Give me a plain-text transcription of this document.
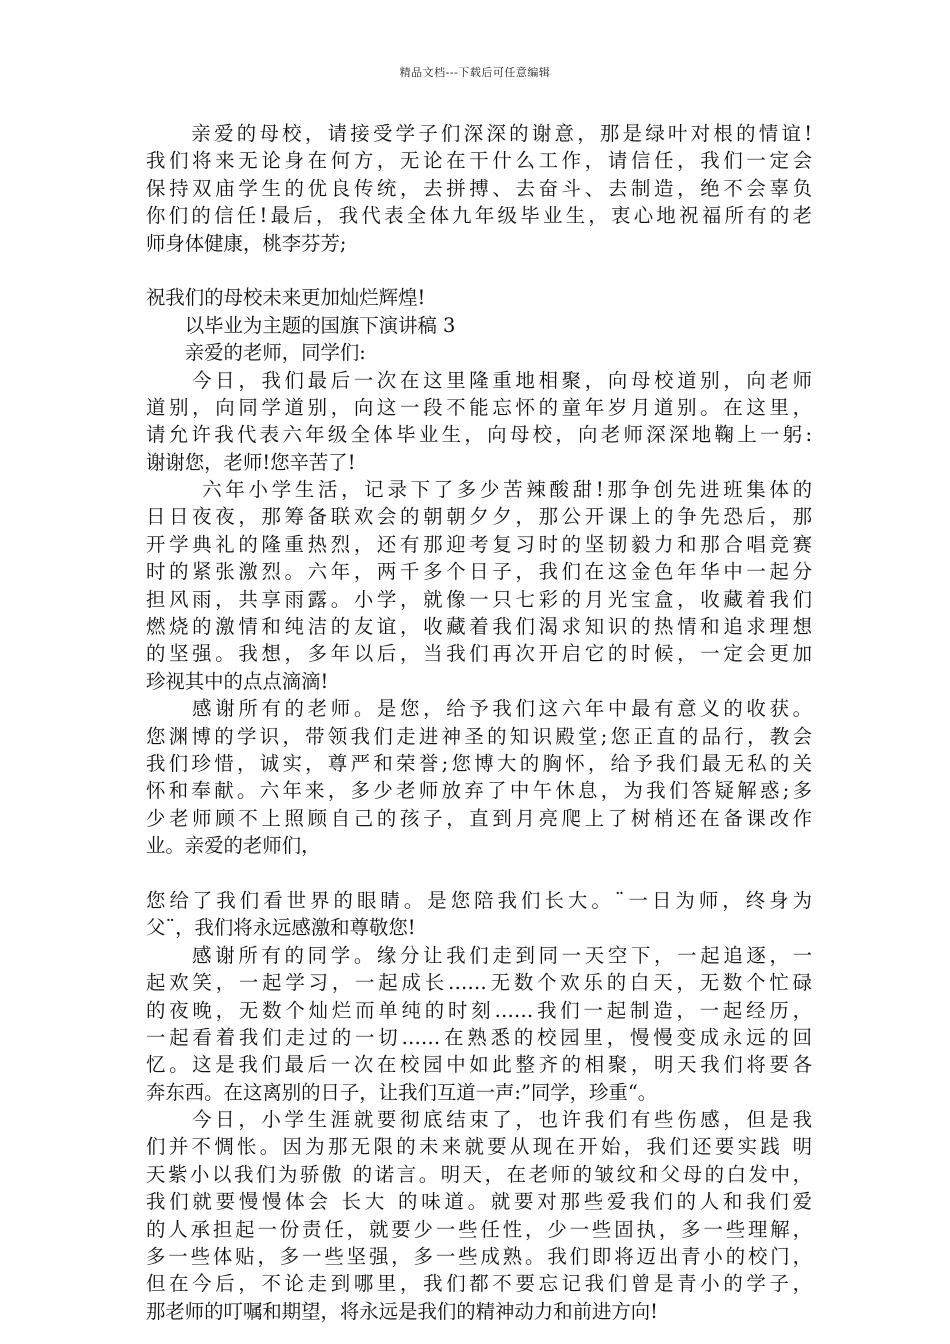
精品文档---下载后可任意编辑
　　亲爱的母校，请接受学子们深深的谢意，那是绿叶对根的情谊!
我们将来无论身在何方，无论在干什么工作，请信任，我们一定会
保持双庙学生的优良传统，去拼搏、去奋斗、去制造，绝不会辜负
你们的信任!最后，我代表全体九年级毕业生，衷心地祝福所有的老
师身体健康，桃李芬芳;
祝我们的母校未来更加灿烂辉煌!
　　以毕业为主题的国旗下演讲稿 3
　　亲爱的老师，同学们:
　　今日，我们最后一次在这里隆重地相聚，向母校道别，向老师
道别，向同学道别，向这一段不能忘怀的童年岁月道别。在这里，
请允许我代表六年级全体毕业生，向母校，向老师深深地鞠上一躬:
谢谢您，老师!您辛苦了!
　　 六年小学生活，记录下了多少苦辣酸甜!那争创先进班集体的
日日夜夜，那筹备联欢会的朝朝夕夕，那公开课上的争先恐后，那
开学典礼的隆重热烈，还有那迎考复习时的坚韧毅力和那合唱竞赛
时的紧张激烈。六年，两千多个日子，我们在这金色年华中一起分
担风雨，共享雨露。小学，就像一只七彩的月光宝盒，收藏着我们
燃烧的激情和纯洁的友谊，收藏着我们渴求知识的热情和追求理想
的坚强。我想，多年以后，当我们再次开启它的时候，一定会更加
珍视其中的点点滴滴!
　　感谢所有的老师。是您，给予我们这六年中最有意义的收获。
您渊博的学识，带领我们走进神圣的知识殿堂;您正直的品行，教会
我们珍惜，诚实，尊严和荣誉;您博大的胸怀，给予我们最无私的关
怀和奉献。六年来，多少老师放弃了中午休息，为我们答疑解惑;多
少老师顾不上照顾自己的孩子，直到月亮爬上了树梢还在备课改作
业。亲爱的老师们，
您给了我们看世界的眼睛。是您陪我们长大。¨一日为师，终身为
父¨，我们将永远感激和尊敬您!
　　感谢所有的同学。缘分让我们走到同一天空下，一起追逐，一
起欢笑，一起学习，一起成长……无数个欢乐的白天，无数个忙碌
的夜晚，无数个灿烂而单纯的时刻……我们一起制造，一起经历，
一起看着我们走过的一切……在熟悉的校园里，慢慢变成永远的回
忆。这是我们最后一次在校园中如此整齐的相聚，明天我们将要各
奔东西。在这离别的日子，让我们互道一声:”同学，珍重“。
　　今日，小学生涯就要彻底结束了，也许我们有些伤感，但是我
们并不惆怅。因为那无限的未来就要从现在开始，我们还要实践 明
天紫小以我们为骄傲 的诺言。明天，在老师的皱纹和父母的白发中，
我们就要慢慢体会 长大 的味道。就要对那些爱我们的人和我们爱
的人承担起一份责任，就要少一些任性，少一些固执，多一些理解，
多一些体贴，多一些坚强，多一些成熟。我们即将迈出青小的校门，
但在今后，不论走到哪里，我们都不要忘记我们曾是青小的学子，
那老师的叮嘱和期望，将永远是我们的精神动力和前进方向!
